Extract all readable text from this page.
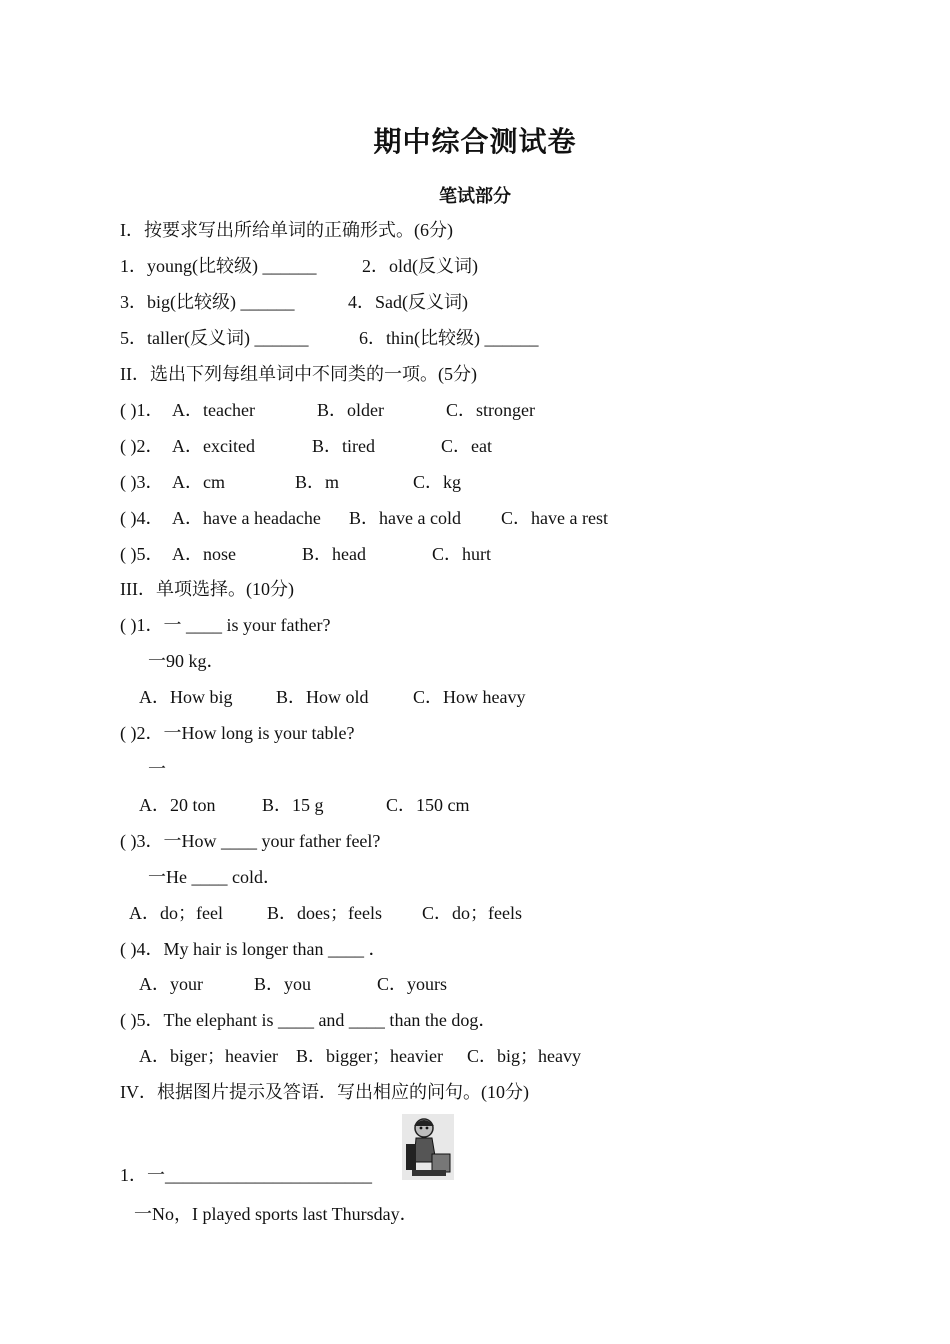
期中综合测试卷
笔试部分
I．按要求写出所给单词的正确形式。(6分)
1．young(比较级) ______	2．old(反义词)
3．big(比较级) ______	4．Sad(反义词)
5．taller(反义词) ______	6．thin(比较级) ______
II．选出下列每组单词中不同类的一项。(5分)
( )1． A．teacher	B．older	C．stronger
( )2． A．excited	B．tired	C．eat
( )3． A．cm	B．m	C．kg
( )4． A．have a headache B．have a cold C．have a rest
( )5． A．nose	B．head	C．hurt
III．单项选择。(10分)
( )1．一 ____ is your father?
一90 kg．
A．How big B．How old C．How heavy
( )2．一How long is your table?
一
A．20 ton	B．15 g	C．150 cm
( )3．一How ____ your father feel?
一He ____ cold．
A．do；feel B．does；feels C．do；feels
( )4．My hair is longer than ____ ．
A．your	B．you	C．yours
( )5．The elephant is ____ and ____ than the dog．
A．biger；heavier B．bigger；heavier C．big；heavy
IV．根据图片提示及答语．写出相应的问句。(10分)
1．一_______________________
一No，I played sports last Thursday．
